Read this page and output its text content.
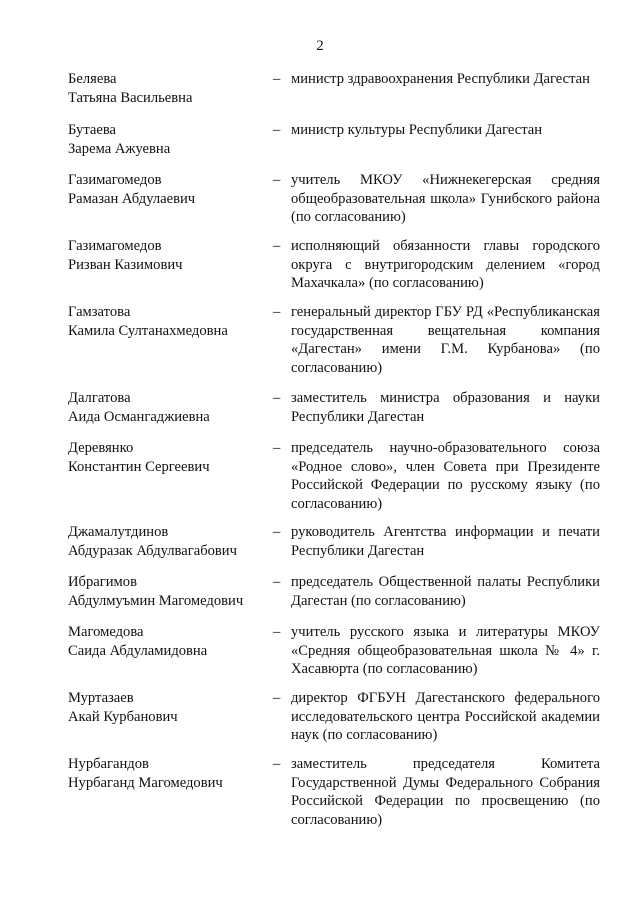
2
Беляева
Татьяна Васильевна
– министр здравоохранения Республики Дагестан
Бутаева
Зарема Ажуевна
– министр культуры Республики Дагестан
Газимагомедов
Рамазан Абдулаевич
– учитель МКОУ «Нижнекегерская средняя общеобразовательная школа» Гунибского района (по согласованию)
Газимагомедов
Ризван Казимович
– исполняющий обязанности главы городского округа с внутригородским делением «город Махачкала» (по согласованию)
Гамзатова
Камила Султанахмедовна
– генеральный директор ГБУ РД «Республиканская государственная вещательная компания «Дагестан» имени Г.М. Курбанова» (по согласованию)
Далгатова
Аида Османгаджиевна
– заместитель министра образования и науки Республики Дагестан
Деревянко
Константин Сергеевич
– председатель научно-образовательного союза «Родное слово», член Совета при Президенте Российской Федерации по русскому языку (по согласованию)
Джамалутдинов
Абдуразак Абдулвагабович
– руководитель Агентства информации и печати Республики Дагестан
Ибрагимов
Абдулмуъмин Магомедович
– председатель Общественной палаты Республики Дагестан (по согласованию)
Магомедова
Саида Абдуламидовна
– учитель русского языка и литературы МКОУ «Средняя общеобразовательная школа № 4» г. Хасавюрта (по согласованию)
Муртазаев
Акай Курбанович
– директор ФГБУН Дагестанского федерального исследовательского центра Российской академии наук (по согласованию)
Нурбагандов
Нурбаганд Магомедович
– заместитель председателя Комитета Государственной Думы Федерального Собрания Российской Федерации по просвещению (по согласованию)
